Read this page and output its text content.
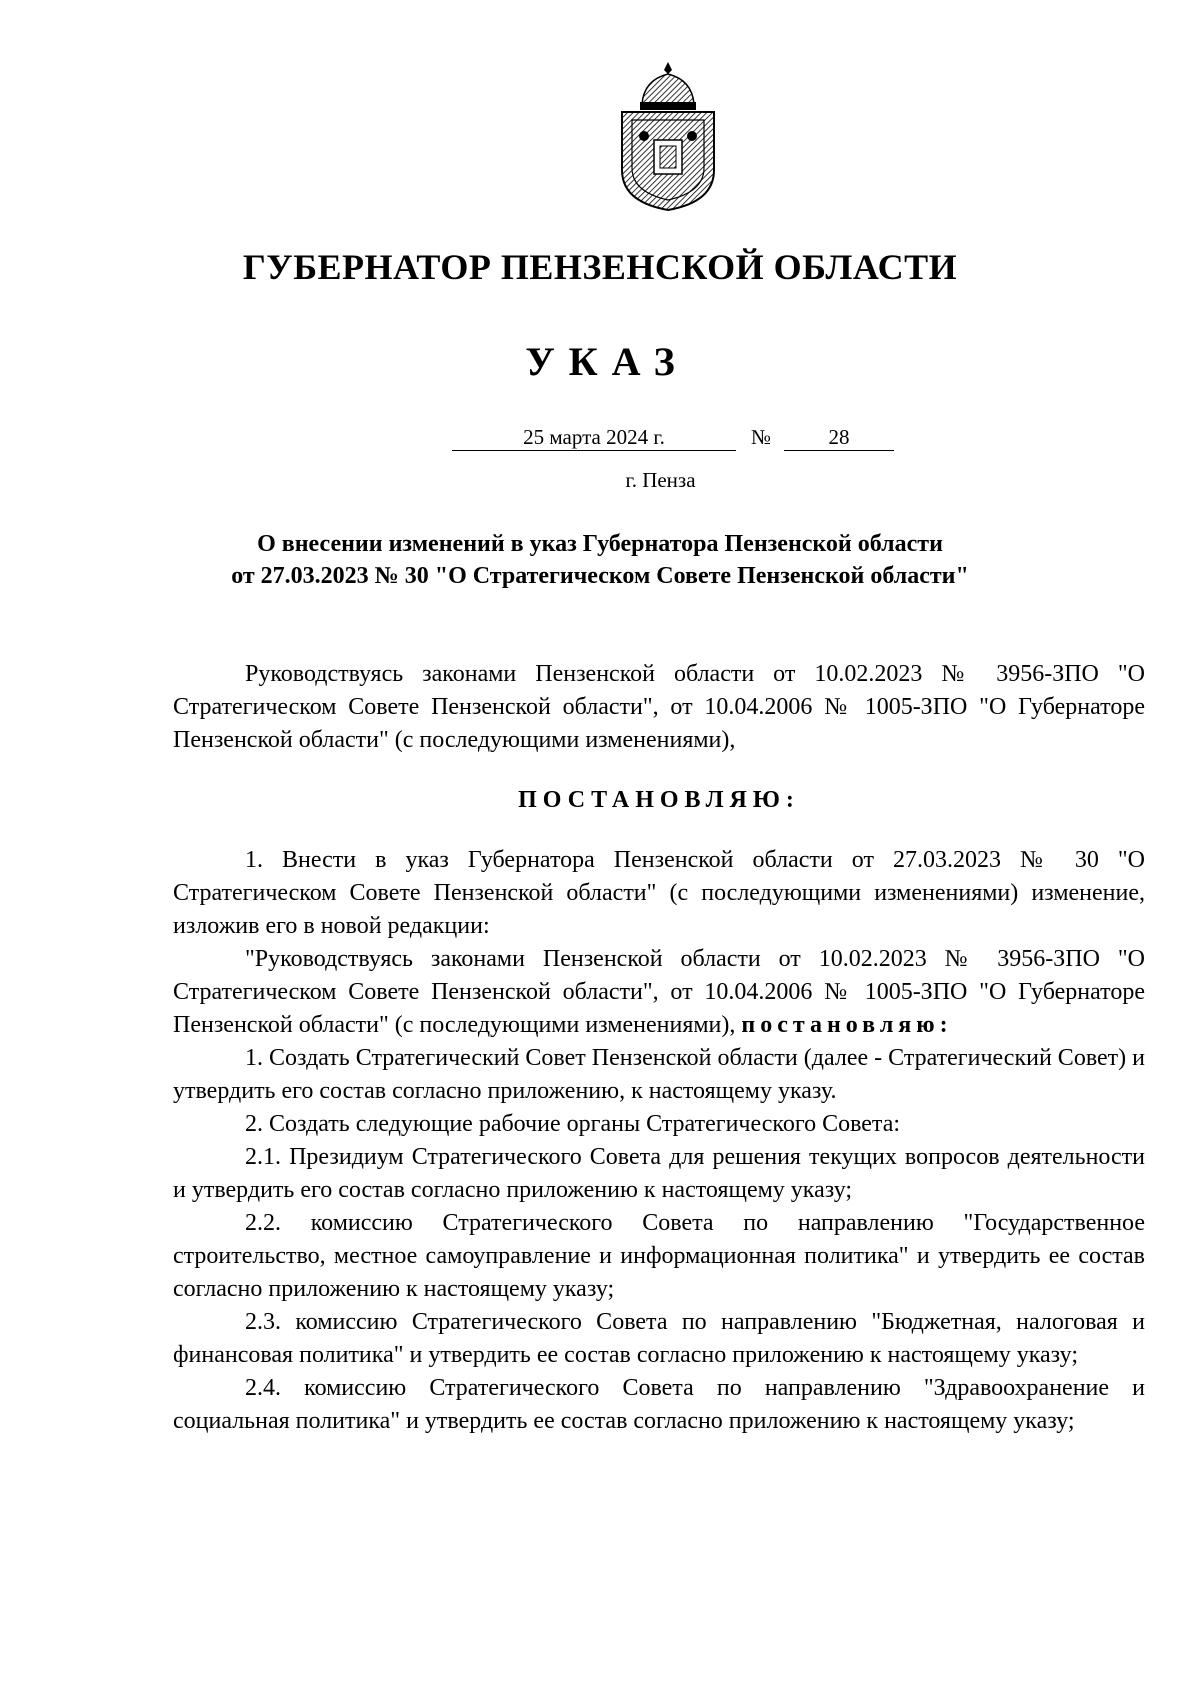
ГУБЕРНАТОР ПЕНЗЕНСКОЙ ОБЛАСТИ
УКАЗ
25 марта 2024 г.	№	28
г. Пенза
О внесении изменений в указ Губернатора Пензенской области
от 27.03.2023 № 30 "О Стратегическом Совете Пензенской области"

Руководствуясь законами Пензенской области от 10.02.2023 № 3956-ЗПО "О Стратегическом Совете Пензенской области", от 10.04.2006 № 1005-ЗПО "О Губернаторе Пензенской области" (с последующими изменениями),

ПОСТАНОВЛЯЮ:

1. Внести в указ Губернатора Пензенской области от 27.03.2023 № 30 "О Стратегическом Совете Пензенской области" (с последующими изменениями) изменение, изложив его в новой редакции:

"Руководствуясь законами Пензенской области от 10.02.2023 № 3956-ЗПО "О Стратегическом Совете Пензенской области", от 10.04.2006 № 1005-ЗПО "О Губернаторе Пензенской области" (с последующими изменениями), постановляю:

1. Создать Стратегический Совет Пензенской области (далее - Стратегический Совет) и утвердить его состав согласно приложению, к настоящему указу.

2. Создать следующие рабочие органы Стратегического Совета:

2.1. Президиум Стратегического Совета для решения текущих вопросов деятельности и утвердить его состав согласно приложению к настоящему указу;

2.2. комиссию Стратегического Совета по направлению "Государственное строительство, местное самоуправление и информационная политика" и утвердить ее состав согласно приложению к настоящему указу;

2.3. комиссию Стратегического Совета по направлению "Бюджетная, налоговая и финансовая политика" и утвердить ее состав согласно приложению к настоящему указу;

2.4. комиссию Стратегического Совета по направлению "Здравоохранение и социальная политика" и утвердить ее состав согласно приложению к настоящему указу;
